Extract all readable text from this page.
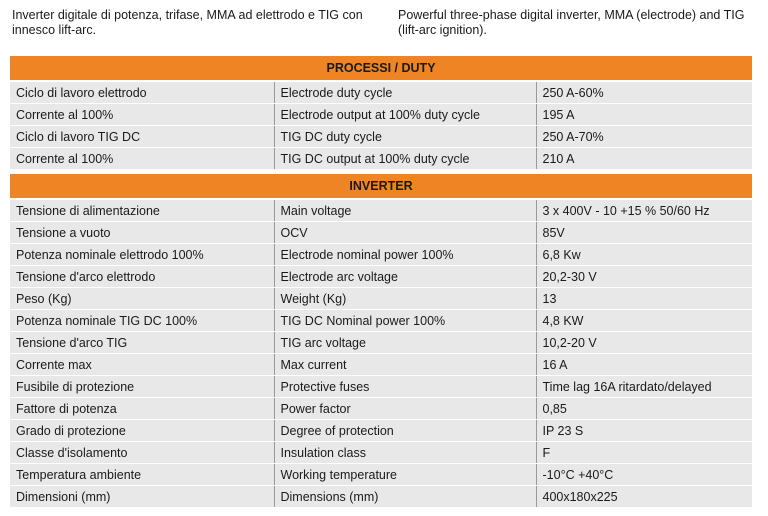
Inverter digitale di potenza, trifase, MMA ad elettrodo e TIG con innesco lift-arc.
Powerful three-phase digital inverter, MMA (electrode) and TIG (lift-arc ignition).
PROCESSI / DUTY		
Ciclo di lavoro elettrodo	Electrode duty cycle	250 A-60%
Corrente al 100%	Electrode output at 100% duty cycle	195 A
Ciclo di lavoro TIG DC	TIG DC duty cycle	250 A-70%
Corrente al 100%	TIG DC output at 100% duty cycle	210 A
INVERTER		
Tensione di alimentazione	Main voltage	3 x 400V - 10 +15 % 50/60 Hz
Tensione a vuoto	OCV	85V
Potenza nominale elettrodo 100%	Electrode nominal power 100%	6,8 Kw
Tensione d'arco elettrodo	Electrode arc voltage	20,2-30 V
Peso (Kg)	Weight (Kg)	13
Potenza nominale TIG DC 100%	TIG DC Nominal power 100%	4,8 KW
Tensione d'arco TIG	TIG arc voltage	10,2-20 V
Corrente max	Max current	16 A
Fusibile di protezione	Protective fuses	Time lag 16A ritardato/delayed
Fattore di potenza	Power factor	0,85
Grado di protezione	Degree of protection	IP 23 S
Classe d'isolamento	Insulation class	F
Temperatura ambiente	Working temperature	-10°C +40°C
Dimensioni (mm)	Dimensions (mm)	400x180x225
